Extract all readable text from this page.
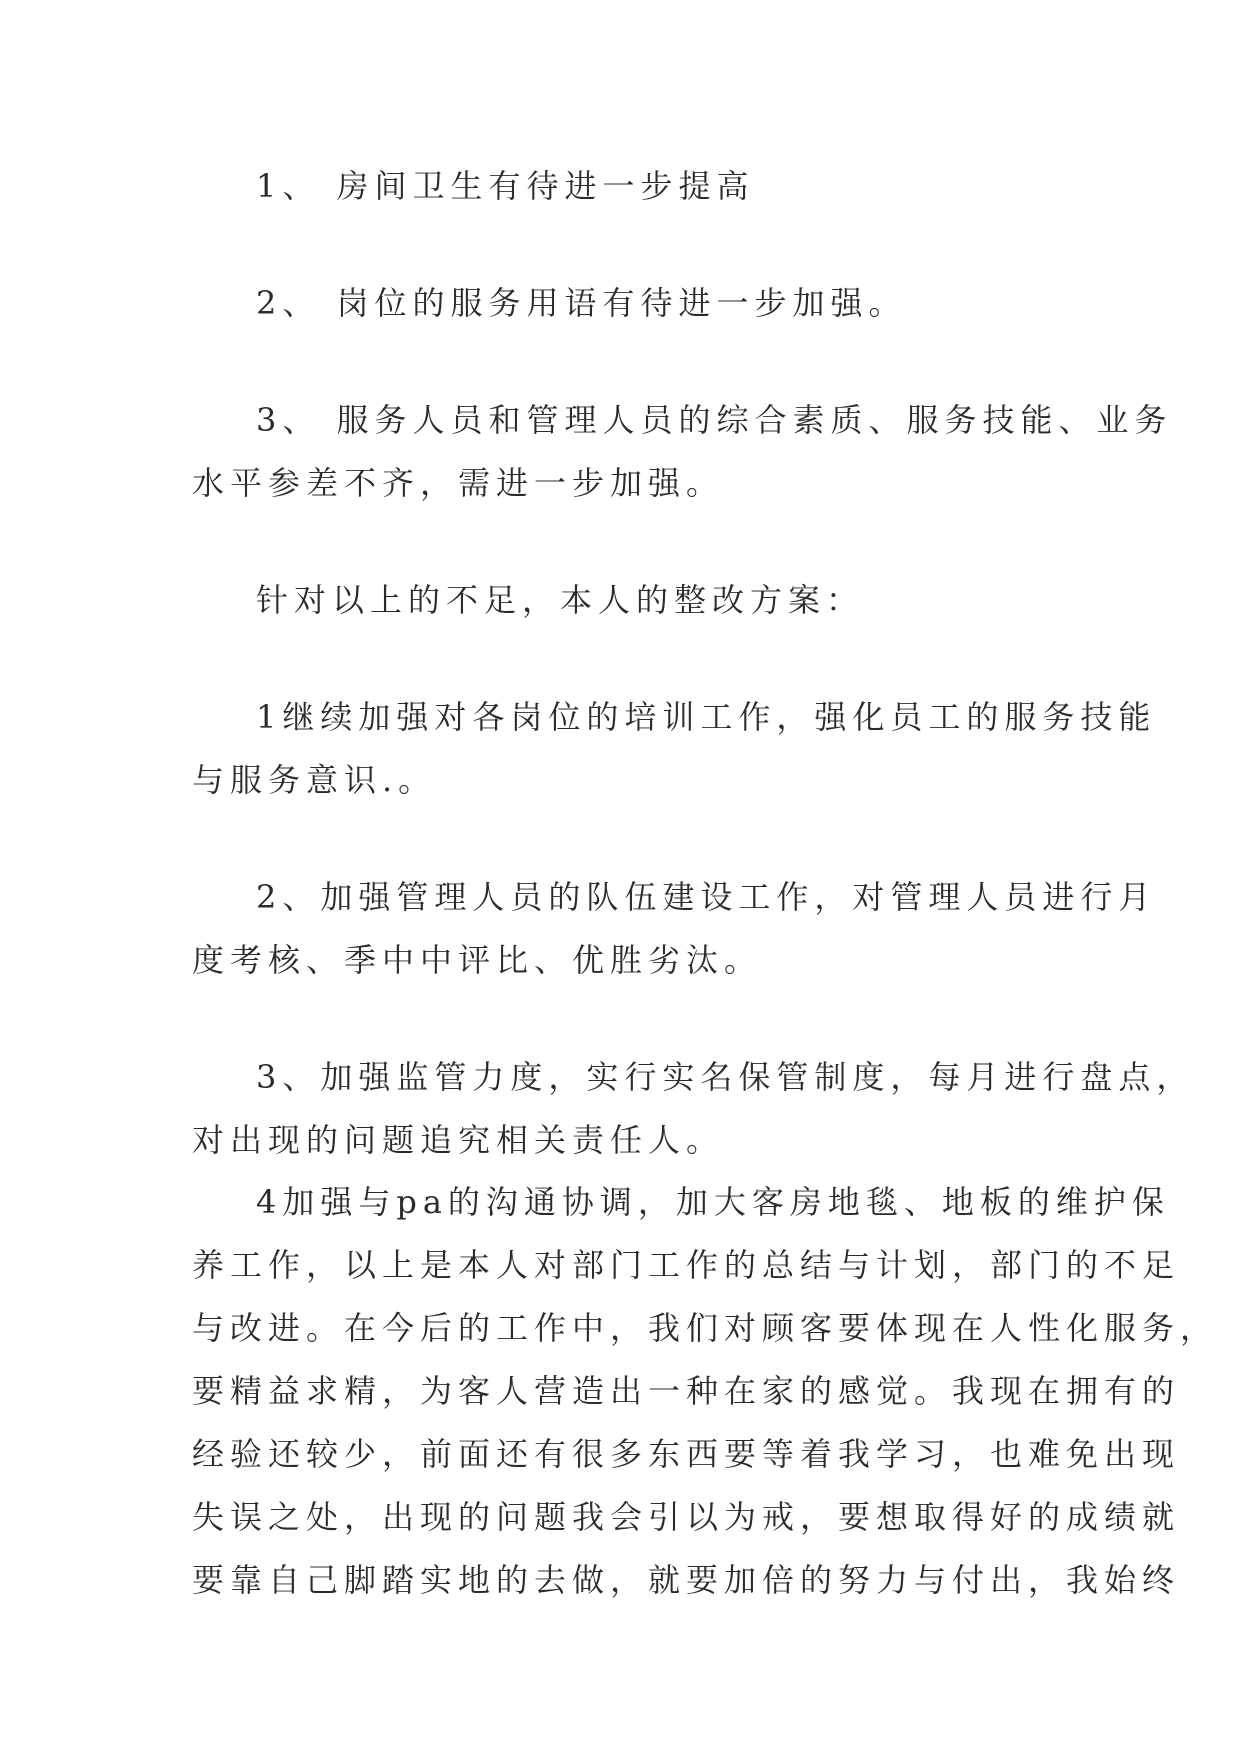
1、 房间卫生有待进一步提高

2、 岗位的服务用语有待进一步加强。

3、 服务人员和管理人员的综合素质、服务技能、业务

水平参差不齐，需进一步加强。

针对以上的不足，本人的整改方案：

1继续加强对各岗位的培训工作，强化员工的服务技能

与服务意识.。

2、加强管理人员的队伍建设工作，对管理人员进行月

度考核、季中中评比、优胜劣汰。

3、加强监管力度，实行实名保管制度，每月进行盘点，

对出现的问题追究相关责任人。

4加强与pa的沟通协调，加大客房地毯、地板的维护保

养工作，以上是本人对部门工作的总结与计划，部门的不足

与改进。在今后的工作中，我们对顾客要体现在人性化服务，

要精益求精，为客人营造出一种在家的感觉。我现在拥有的

经验还较少，前面还有很多东西要等着我学习，也难免出现

失误之处，出现的问题我会引以为戒，要想取得好的成绩就

要靠自己脚踏实地的去做，就要加倍的努力与付出，我始终
